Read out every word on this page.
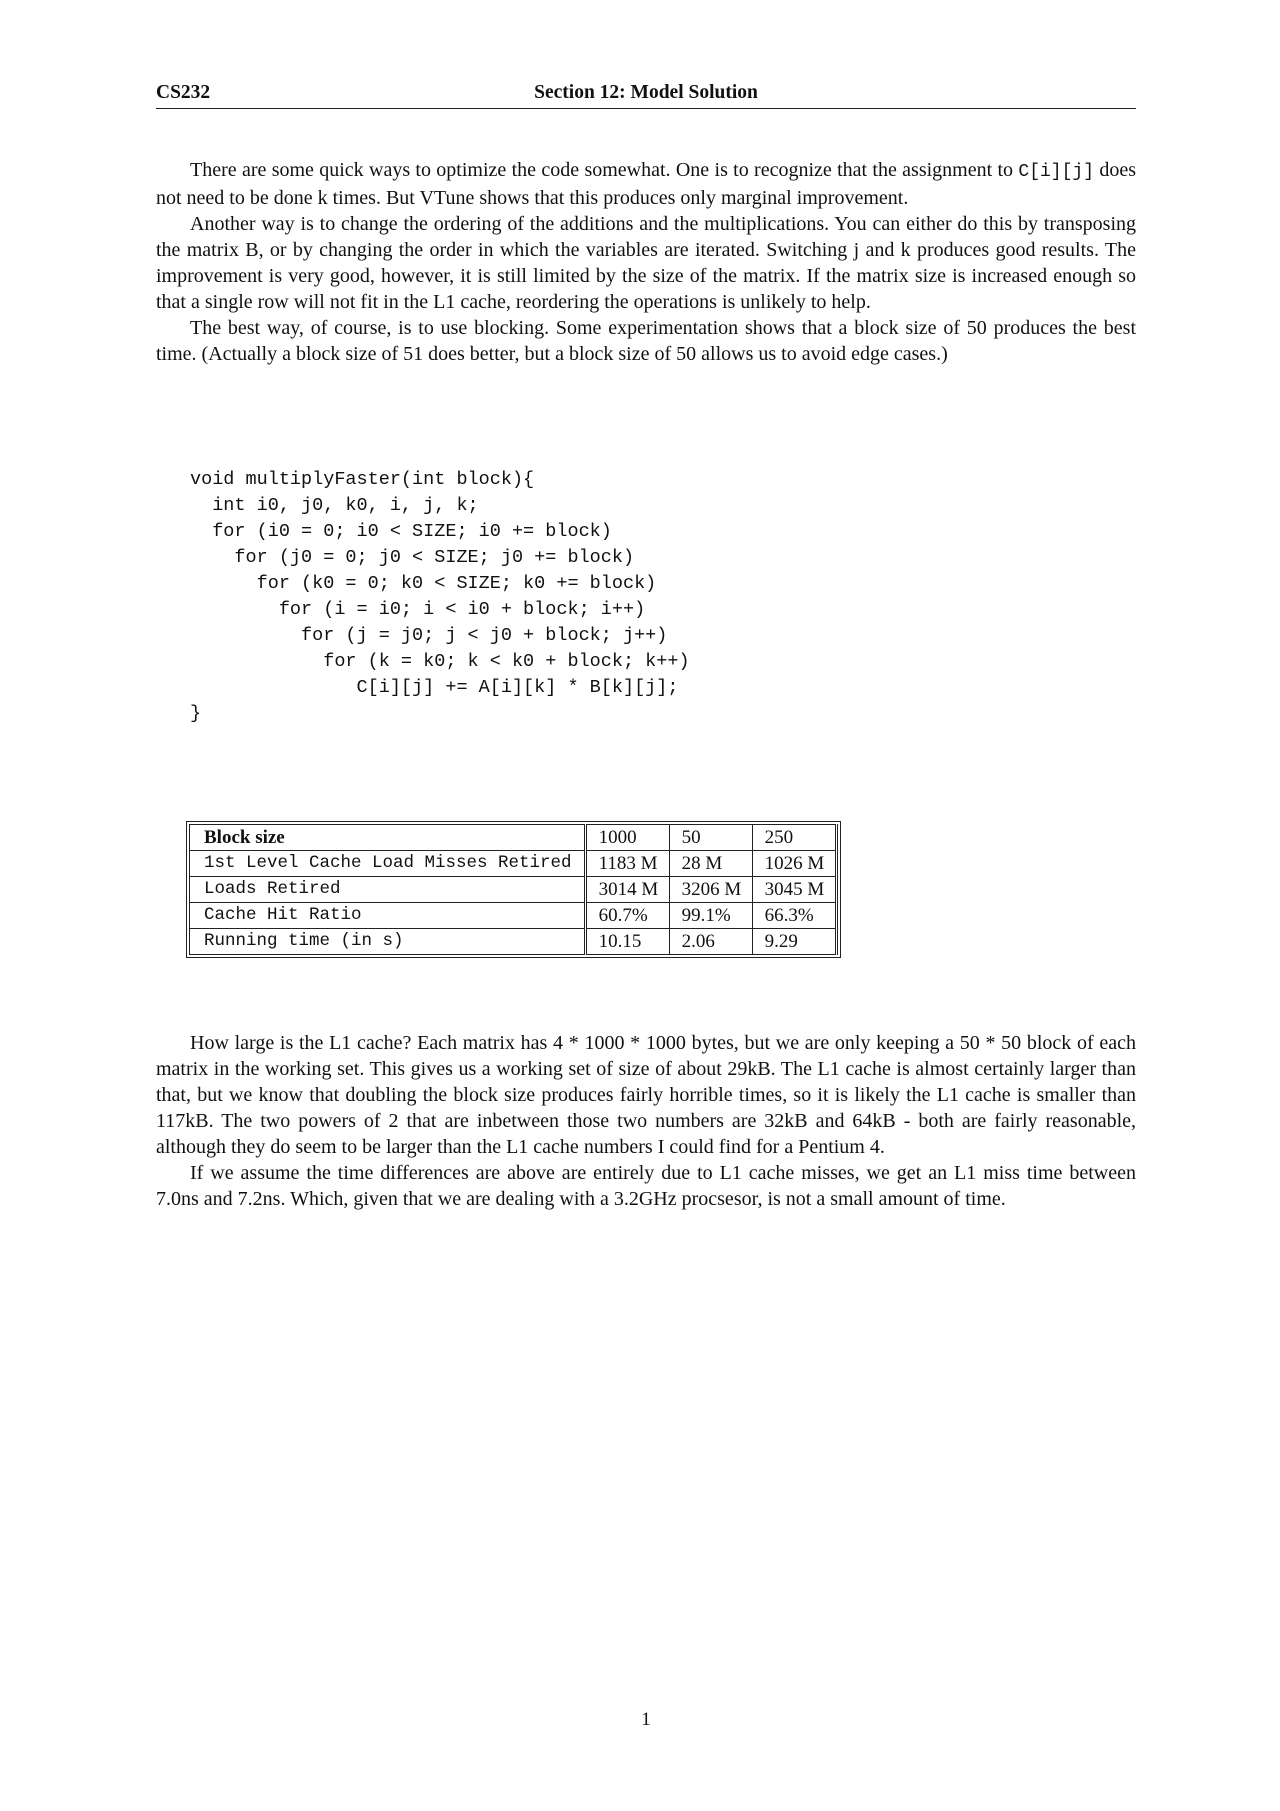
Section 12: Model Solution
CS232

There are some quick ways to optimize the code somewhat. One is to recognize that the assignment to C[i][j] does not need to be done k times. But VTune shows that this produces only marginal improvement.

Another way is to change the ordering of the additions and the multiplications. You can either do this by transposing the matrix B, or by changing the order in which the variables are iterated. Switching j and k produces good results. The improvement is very good, however, it is still limited by the size of the matrix. If the matrix size is increased enough so that a single row will not fit in the L1 cache, reordering the operations is unlikely to help.

The best way, of course, is to use blocking. Some experimentation shows that a block size of 50 produces the best time. (Actually a block size of 51 does better, but a block size of 50 allows us to avoid edge cases.)

void multiplyFaster(int block){
int i0, j0, k0, i, j, k;
for (i0 = 0; i0 < SIZE; i0 += block)
for (j0 = 0; j0 < SIZE; j0 += block)
for (k0 = 0; k0 < SIZE; k0 += block)
for (i = i0; i < i0 + block; i++)
for (j = j0; j < j0 + block; j++)
for (k = k0; k < k0 + block; k++)
C[i][j] += A[i][k] * B[k][j];
}
Block size	1000	50	250
1st Level Cache Load Misses Retired	1183 M	28 M	1026 M
Loads Retired	3014 M	3206 M	3045 M
Cache Hit Ratio	60.7%	99.1%	66.3%
Running time (in s)	10.15	2.06	9.29

How large is the L1 cache? Each matrix has 4 * 1000 * 1000 bytes, but we are only keeping a 50 * 50 block of each matrix in the working set. This gives us a working set of size of about 29kB. The L1 cache is almost certainly larger than that, but we know that doubling the block size produces fairly horrible times, so it is likely the L1 cache is smaller than 117kB. The two powers of 2 that are inbetween those two numbers are 32kB and 64kB - both are fairly reasonable, although they do seem to be larger than the L1 cache numbers I could find for a Pentium 4.

If we assume the time differences are above are entirely due to L1 cache misses, we get an L1 miss time between 7.0ns and 7.2ns. Which, given that we are dealing with a 3.2GHz procsesor, is not a small amount of time.

1
